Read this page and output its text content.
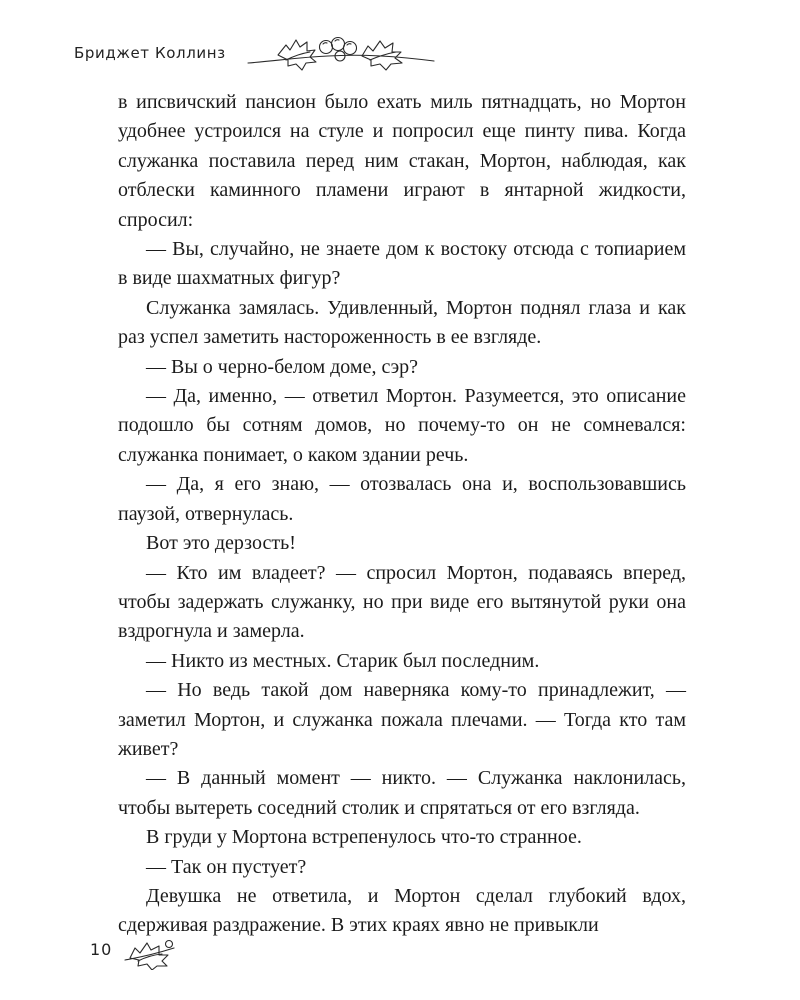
Бриджет Коллинз

в ипсвичский пансион было ехать миль пятнадцать, но Мортон удобнее устроился на стуле и попросил еще пинту пива. Когда служанка поставила перед ним стакан, Мортон, наблюдая, как отблески каминного пламени играют в янтарной жидкости, спросил:

— Вы, случайно, не знаете дом к востоку отсюда с топиарием в виде шахматных фигур?

Служанка замялась. Удивленный, Мортон поднял глаза и как раз успел заметить настороженность в ее взгляде.

— Вы о черно-белом доме, сэр?

— Да, именно, — ответил Мортон. Разумеется, это описание подошло бы сотням домов, но почему-то он не сомневался: служанка понимает, о каком здании речь.

— Да, я его знаю, — отозвалась она и, воспользовавшись паузой, отвернулась.

Вот это дерзость!

— Кто им владеет? — спросил Мортон, подаваясь вперед, чтобы задержать служанку, но при виде его вытянутой руки она вздрогнула и замерла.

— Никто из местных. Старик был последним.

— Но ведь такой дом наверняка кому-то принадлежит, — заметил Мортон, и служанка пожала плечами. — Тогда кто там живет?

— В данный момент — никто. — Служанка наклонилась, чтобы вытереть соседний столик и спрятаться от его взгляда.

В груди у Мортона встрепенулось что-то странное.

— Так он пустует?

Девушка не ответила, и Мортон сделал глубокий вдох, сдерживая раздражение. В этих краях явно не привыкли

10
